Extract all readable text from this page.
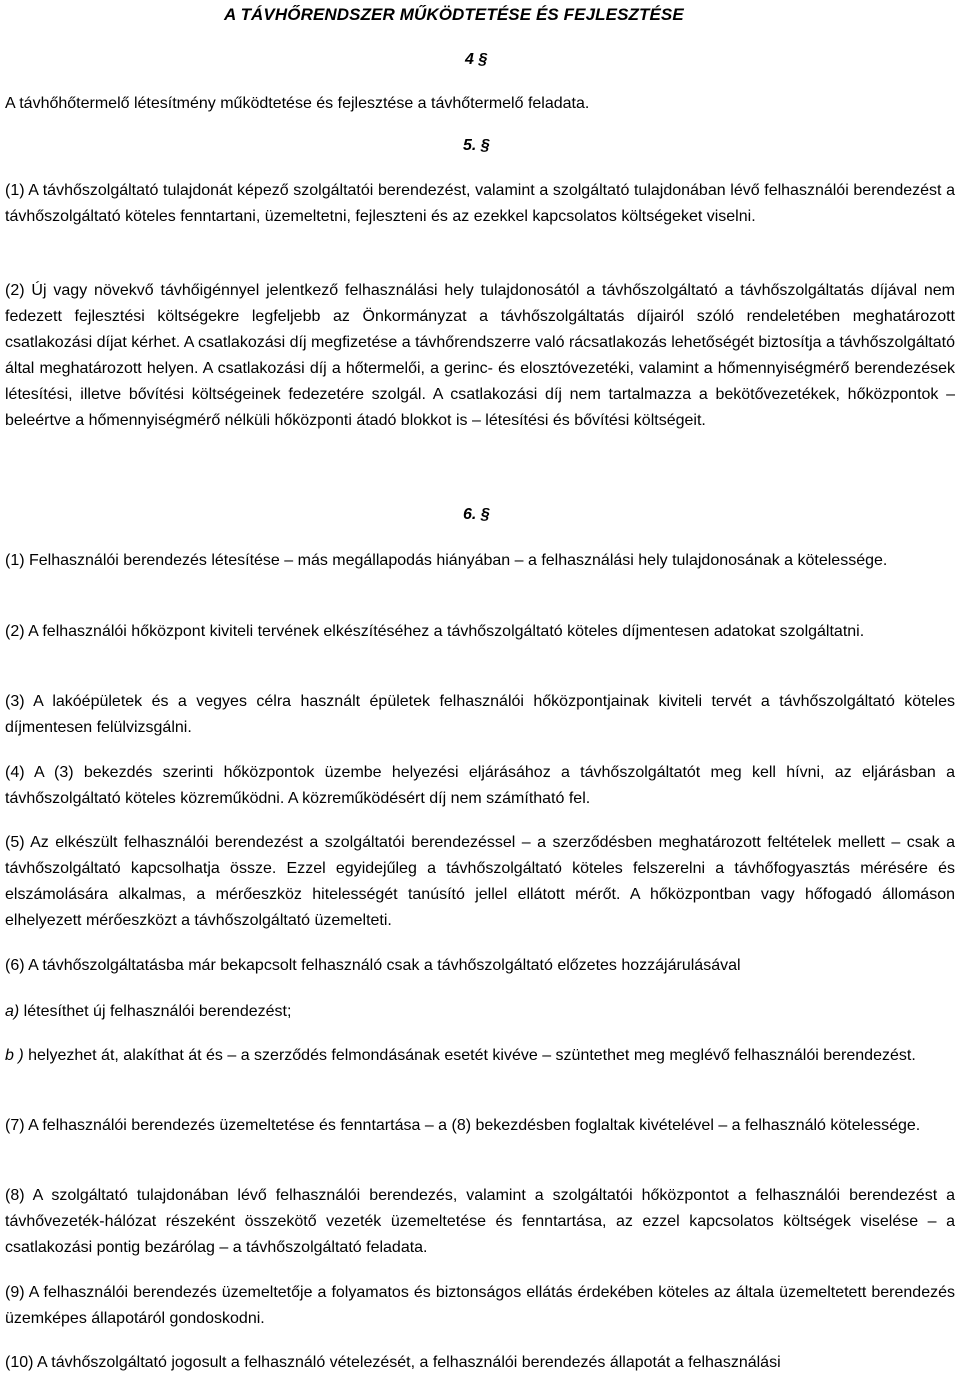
A TÁVHŐRENDSZER MŰKÖDTETÉSE ÉS FEJLESZTÉSE
4 §

A távhőhőtermelő létesítmény működtetése és fejlesztése a távhőtermelő feladata.

5. §

(1) A távhőszolgáltató tulajdonát képező szolgáltatói berendezést, valamint a szolgáltató tulajdonában lévő felhasználói berendezést a távhőszolgáltató köteles fenntartani, üzemeltetni, fejleszteni és az ezekkel kapcsolatos költségeket viselni.

(2) Új vagy növekvő távhőigénnyel jelentkező felhasználási hely tulajdonosától a távhőszolgáltató a távhőszolgáltatás díjával nem fedezett fejlesztési költségekre legfeljebb az Önkormányzat a távhőszolgáltatás díjairól szóló rendeletében meghatározott csatlakozási díjat kérhet. A csatlakozási díj megfizetése a távhőrendszerre való rácsatlakozás lehetőségét biztosítja a távhőszolgáltató által meghatározott helyen. A csatlakozási díj a hőtermelői, a gerinc- és elosztóvezetéki, valamint a hőmennyiségmérő berendezések létesítési, illetve bővítési költségeinek fedezetére szolgál. A csatlakozási díj nem tartalmazza a bekötővezetékek, hőközpontok – beleértve a hőmennyiségmérő nélküli hőközponti átadó blokkot is – létesítési és bővítési költségeit.

6. §

(1) Felhasználói berendezés létesítése – más megállapodás hiányában – a felhasználási hely tulajdonosának a kötelessége.

(2) A felhasználói hőközpont kiviteli tervének elkészítéséhez a távhőszolgáltató köteles díjmentesen adatokat szolgáltatni.

(3) A lakóépületek és a vegyes célra használt épületek felhasználói hőközpontjainak kiviteli tervét a távhőszolgáltató köteles díjmentesen felülvizsgálni.

(4) A (3) bekezdés szerinti hőközpontok üzembe helyezési eljárásához a távhőszolgáltatót meg kell hívni, az eljárásban a távhőszolgáltató köteles közreműködni. A közreműködésért díj nem számítható fel.

(5) Az elkészült felhasználói berendezést a szolgáltatói berendezéssel – a szerződésben meghatározott feltételek mellett – csak a távhőszolgáltató kapcsolhatja össze. Ezzel egyidejűleg a távhőszolgáltató köteles felszerelni a távhőfogyasztás mérésére és elszámolására alkalmas, a mérőeszköz hitelességét tanúsító jellel ellátott mérőt. A hőközpontban vagy hőfogadó állomáson elhelyezett mérőeszközt a távhőszolgáltató üzemelteti.

(6) A távhőszolgáltatásba már bekapcsolt felhasználó csak a távhőszolgáltató előzetes hozzájárulásával

a) létesíthet új felhasználói berendezést;

b ) helyezhet át, alakíthat át és – a szerződés felmondásának esetét kivéve – szüntethet meg meglévő felhasználói berendezést.

(7) A felhasználói berendezés üzemeltetése és fenntartása – a (8) bekezdésben foglaltak kivételével – a felhasználó kötelessége.

(8) A szolgáltató tulajdonában lévő felhasználói berendezés, valamint a szolgáltatói hőközpontot a felhasználói berendezést a távhővezeték-hálózat részeként összekötő vezeték üzemeltetése és fenntartása, az ezzel kapcsolatos költségek viselése – a csatlakozási pontig bezárólag – a távhőszolgáltató feladata.

(9) A felhasználói berendezés üzemeltetője a folyamatos és biztonságos ellátás érdekében köteles az általa üzemeltetett berendezés üzemképes állapotáról gondoskodni.

(10) A távhőszolgáltató jogosult a felhasználó vételezését, a felhasználói berendezés állapotát a felhasználási
